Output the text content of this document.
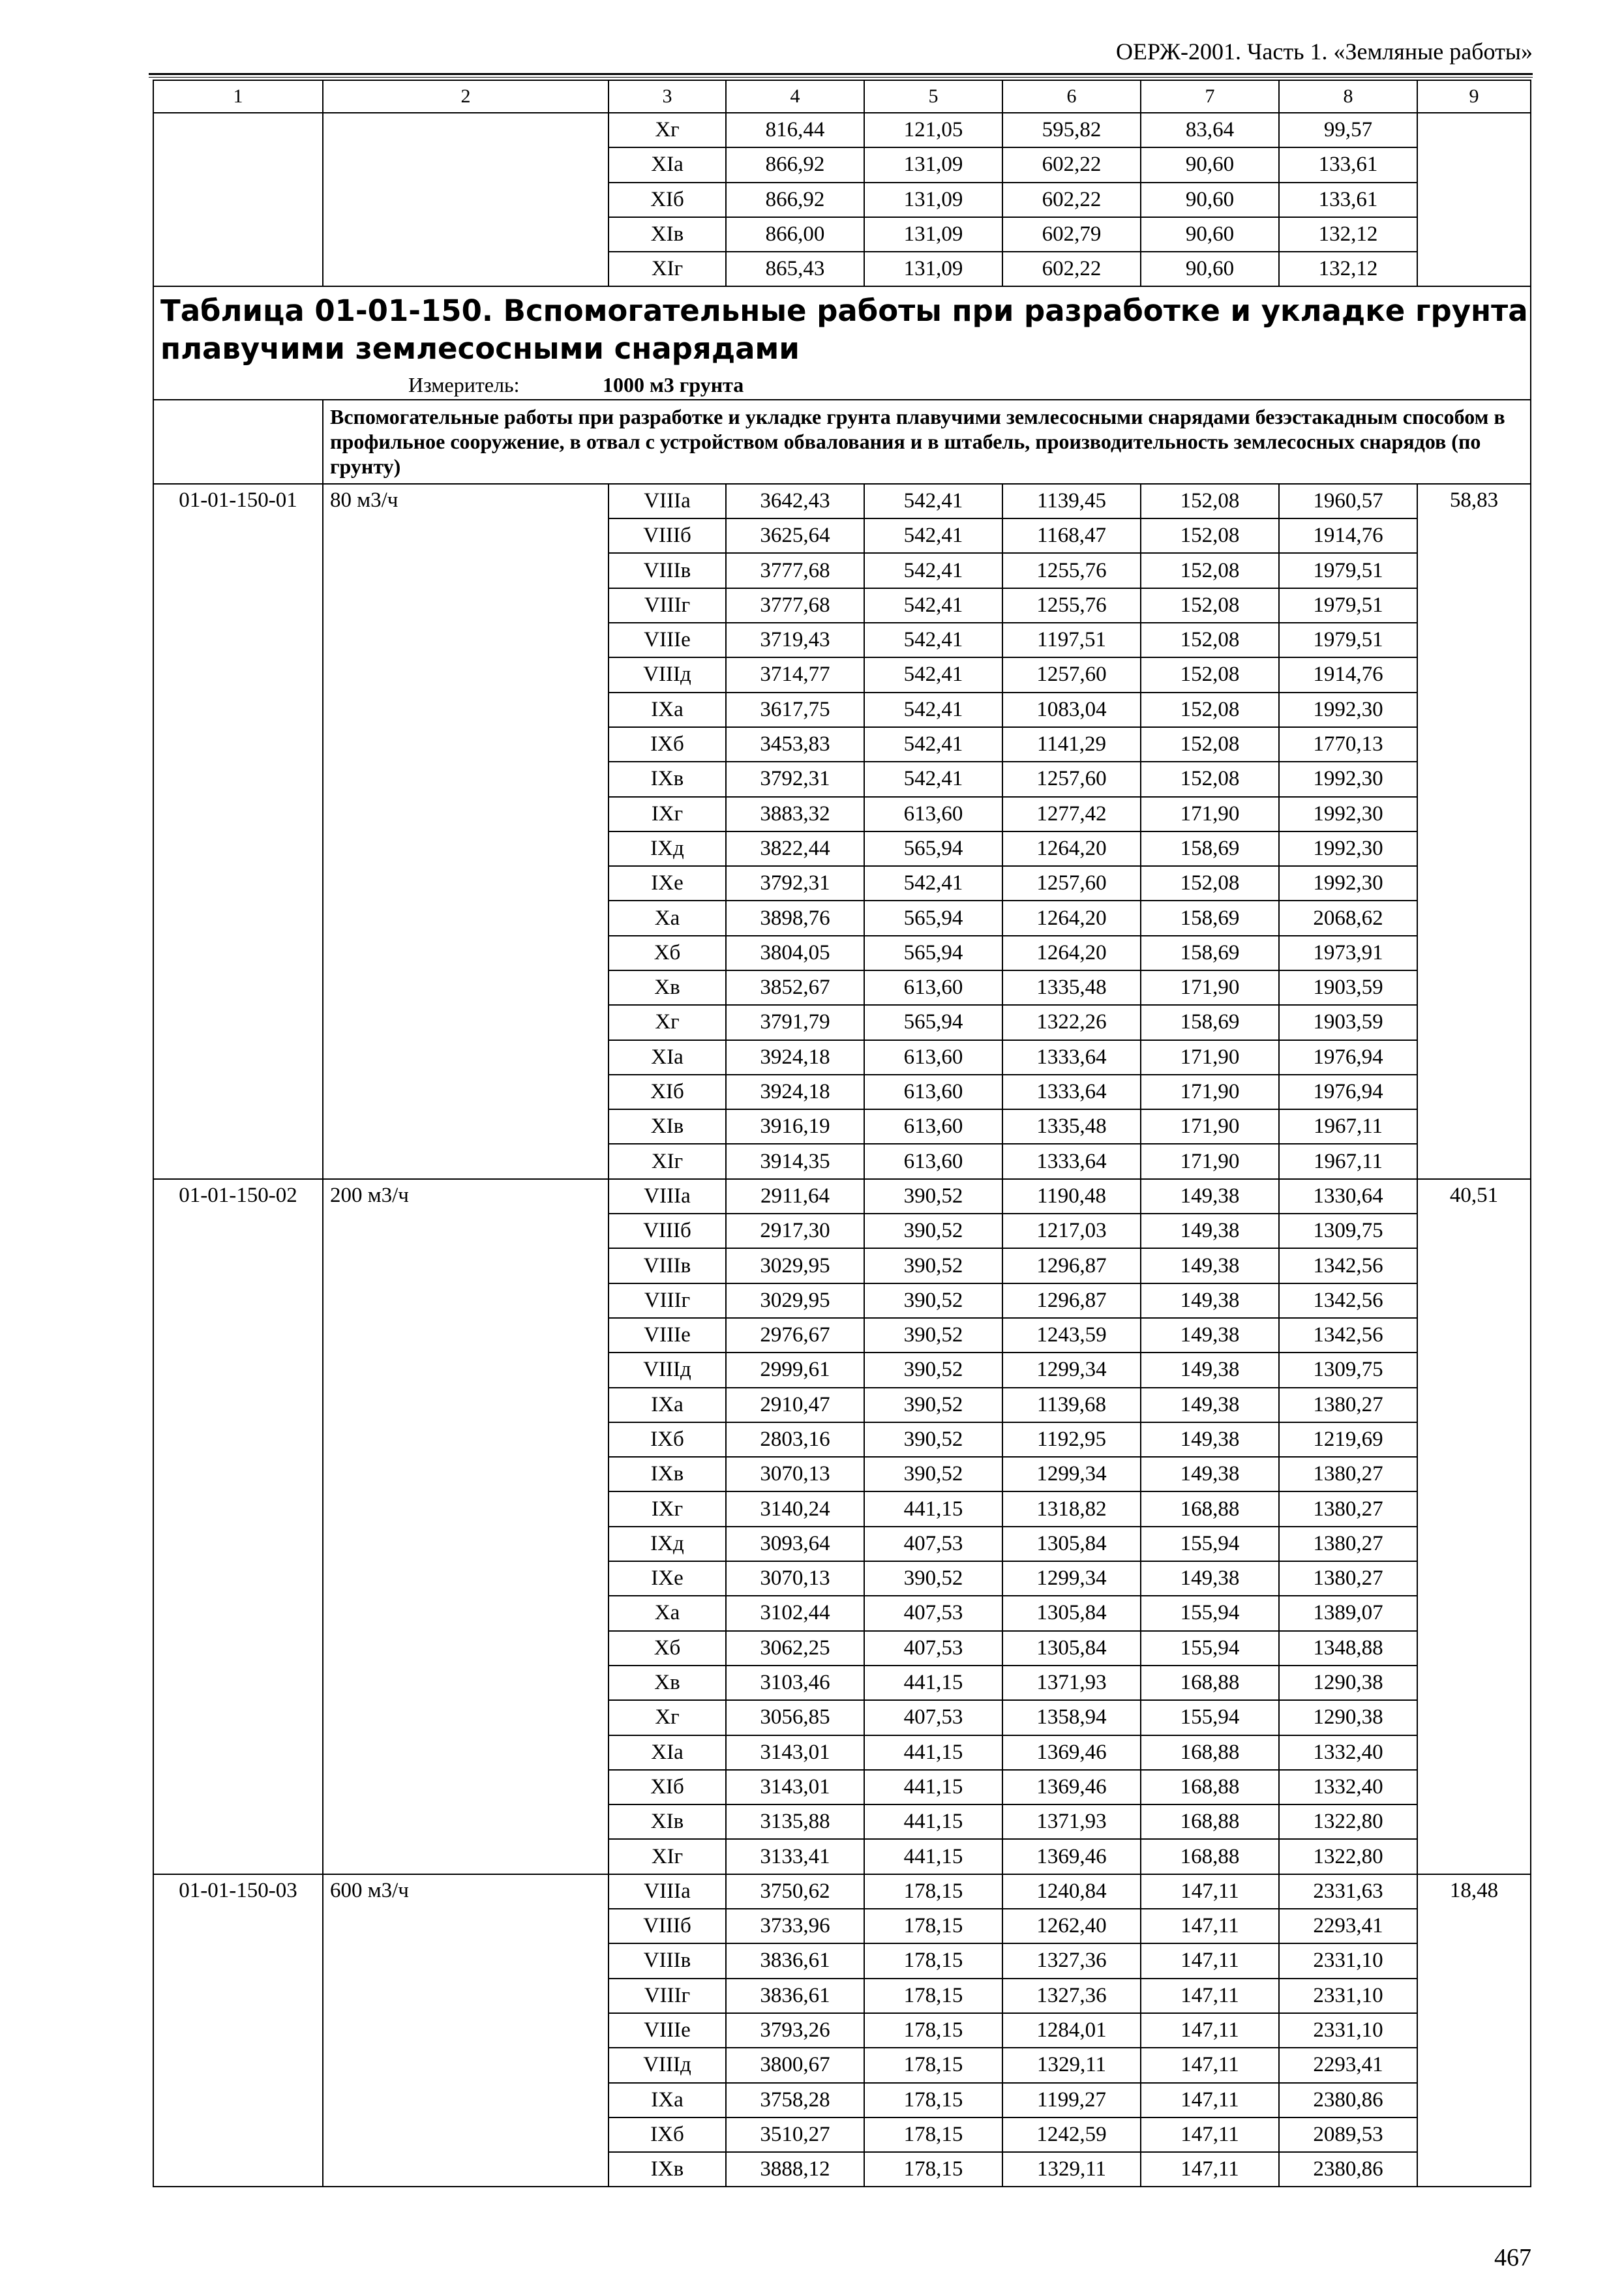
ОЕРЖ-2001. Часть 1. «Земляные работы»
1	2	3	4	5	6	7	8	9
		Xг	816,44	121,05	595,82	83,64	99,57	
		XIа	866,92	131,09	602,22	90,60	133,61	
		XIб	866,92	131,09	602,22	90,60	133,61	
		XIв	866,00	131,09	602,79	90,60	132,12	
		XIг	865,43	131,09	602,22	90,60	132,12	

Таблица 01-01-150. Вспомогательные работы при разработке и укладке грунта плавучими землесосными снарядами
Измеритель: 1000 м3 грунта								

	Вспомогательные работы при разработке и укладке грунта плавучими землесосными снарядами безэстакадным способом в профильное сооружение, в отвал с устройством обвалования и в штабель, производительность землесосных снарядов (по грунту)							
01-01-150-01	80 м3/ч	VIIIа	3642,43	542,41	1139,45	152,08	1960,57	58,83
		VIIIб	3625,64	542,41	1168,47	152,08	1914,76	
		VIIIв	3777,68	542,41	1255,76	152,08	1979,51	
		VIIIг	3777,68	542,41	1255,76	152,08	1979,51	
		VIIIе	3719,43	542,41	1197,51	152,08	1979,51	
		VIIIд	3714,77	542,41	1257,60	152,08	1914,76	
		IXа	3617,75	542,41	1083,04	152,08	1992,30	
		IXб	3453,83	542,41	1141,29	152,08	1770,13	
		IXв	3792,31	542,41	1257,60	152,08	1992,30	
		IXг	3883,32	613,60	1277,42	171,90	1992,30	
		IXд	3822,44	565,94	1264,20	158,69	1992,30	
		IXе	3792,31	542,41	1257,60	152,08	1992,30	
		Xа	3898,76	565,94	1264,20	158,69	2068,62	
		Xб	3804,05	565,94	1264,20	158,69	1973,91	
		Xв	3852,67	613,60	1335,48	171,90	1903,59	
		Xг	3791,79	565,94	1322,26	158,69	1903,59	
		XIа	3924,18	613,60	1333,64	171,90	1976,94	
		XIб	3924,18	613,60	1333,64	171,90	1976,94	
		XIв	3916,19	613,60	1335,48	171,90	1967,11	
		XIг	3914,35	613,60	1333,64	171,90	1967,11	
01-01-150-02	200 м3/ч	VIIIа	2911,64	390,52	1190,48	149,38	1330,64	40,51
		VIIIб	2917,30	390,52	1217,03	149,38	1309,75	
		VIIIв	3029,95	390,52	1296,87	149,38	1342,56	
		VIIIг	3029,95	390,52	1296,87	149,38	1342,56	
		VIIIе	2976,67	390,52	1243,59	149,38	1342,56	
		VIIIд	2999,61	390,52	1299,34	149,38	1309,75	
		IXа	2910,47	390,52	1139,68	149,38	1380,27	
		IXб	2803,16	390,52	1192,95	149,38	1219,69	
		IXв	3070,13	390,52	1299,34	149,38	1380,27	
		IXг	3140,24	441,15	1318,82	168,88	1380,27	
		IXд	3093,64	407,53	1305,84	155,94	1380,27	
		IXе	3070,13	390,52	1299,34	149,38	1380,27	
		Xа	3102,44	407,53	1305,84	155,94	1389,07	
		Xб	3062,25	407,53	1305,84	155,94	1348,88	
		Xв	3103,46	441,15	1371,93	168,88	1290,38	
		Xг	3056,85	407,53	1358,94	155,94	1290,38	
		XIа	3143,01	441,15	1369,46	168,88	1332,40	
		XIб	3143,01	441,15	1369,46	168,88	1332,40	
		XIв	3135,88	441,15	1371,93	168,88	1322,80	
		XIг	3133,41	441,15	1369,46	168,88	1322,80	
01-01-150-03	600 м3/ч	VIIIа	3750,62	178,15	1240,84	147,11	2331,63	18,48
		VIIIб	3733,96	178,15	1262,40	147,11	2293,41	
		VIIIв	3836,61	178,15	1327,36	147,11	2331,10	
		VIIIг	3836,61	178,15	1327,36	147,11	2331,10	
		VIIIе	3793,26	178,15	1284,01	147,11	2331,10	
		VIIIд	3800,67	178,15	1329,11	147,11	2293,41	
		IXа	3758,28	178,15	1199,27	147,11	2380,86	
		IXб	3510,27	178,15	1242,59	147,11	2089,53	
		IXв	3888,12	178,15	1329,11	147,11	2380,86	
467
